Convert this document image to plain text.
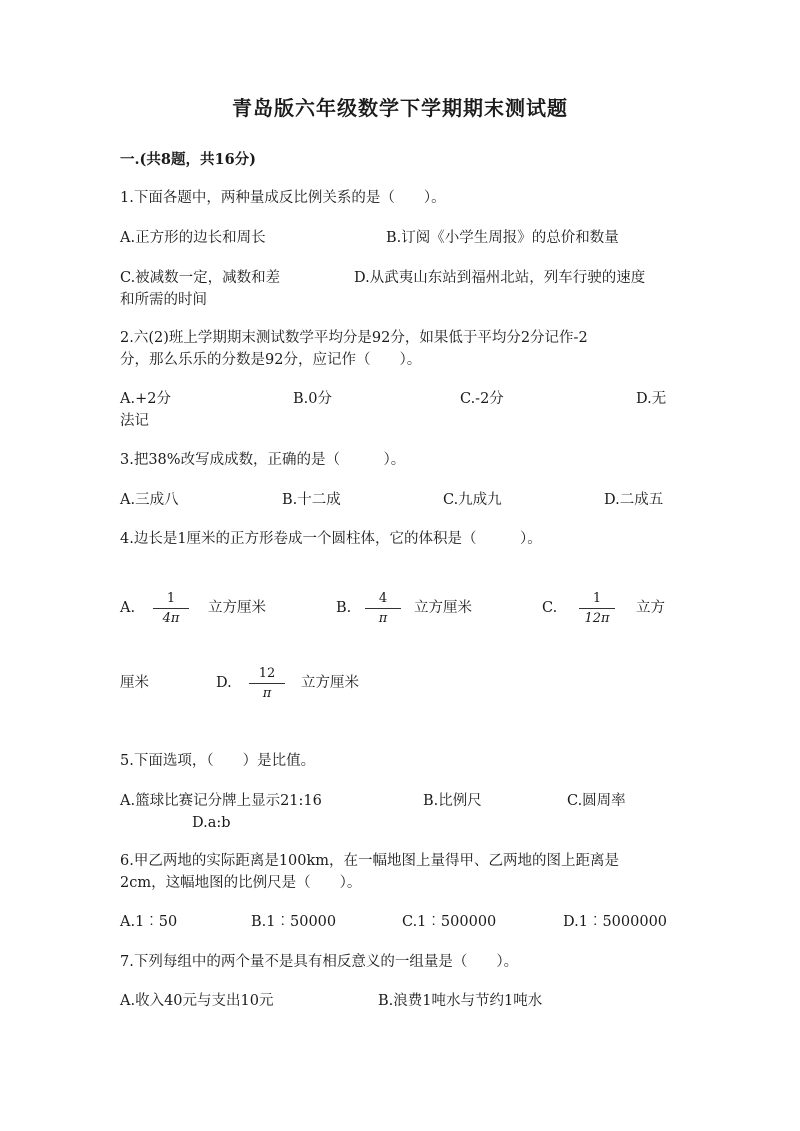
青岛版六年级数学下学期期末测试题
一.(共8题，共16分)
1.下面各题中，两种量成反比例关系的是（　　）。
A.正方形的边长和周长	B.订阅《小学生周报》的总价和数量
C.被减数一定，减数和差	D.从武夷山东站到福州北站，列车行驶的速度
和所需的时间
2.六(2)班上学期期末测试数学平均分是92分，如果低于平均分2分记作-2
分，那么乐乐的分数是92分，应记作（　　）。
A.+2分	B.0分	C.-2分	D.无
法记
3.把38%改写成成数，正确的是（　　　）。
A.三成八	B.十二成	C.九成九	D.二成五
4.边长是1厘米的正方形卷成一个圆柱体，它的体积是（　　　）。
A. $\frac{1}{4\pi}$ 立方厘米	B. $\frac{4}{\pi}$ 立方厘米	C. $\frac{1}{12\pi}$ 立方
厘米	D. $\frac{12}{\pi}$ 立方厘米
5.下面选项，（　　）是比值。
A.篮球比赛记分牌上显示21:16	B.比例尺	C.圆周率
D.a:b
6.甲乙两地的实际距离是100km，在一幅地图上量得甲、乙两地的图上距离是
2cm，这幅地图的比例尺是（　　）。
A.1︰50	B.1︰50000	C.1︰500000	D.1︰5000000
7.下列每组中的两个量不是具有相反意义的一组量是（　　）。
A.收入40元与支出10元	B.浪费1吨水与节约1吨水
